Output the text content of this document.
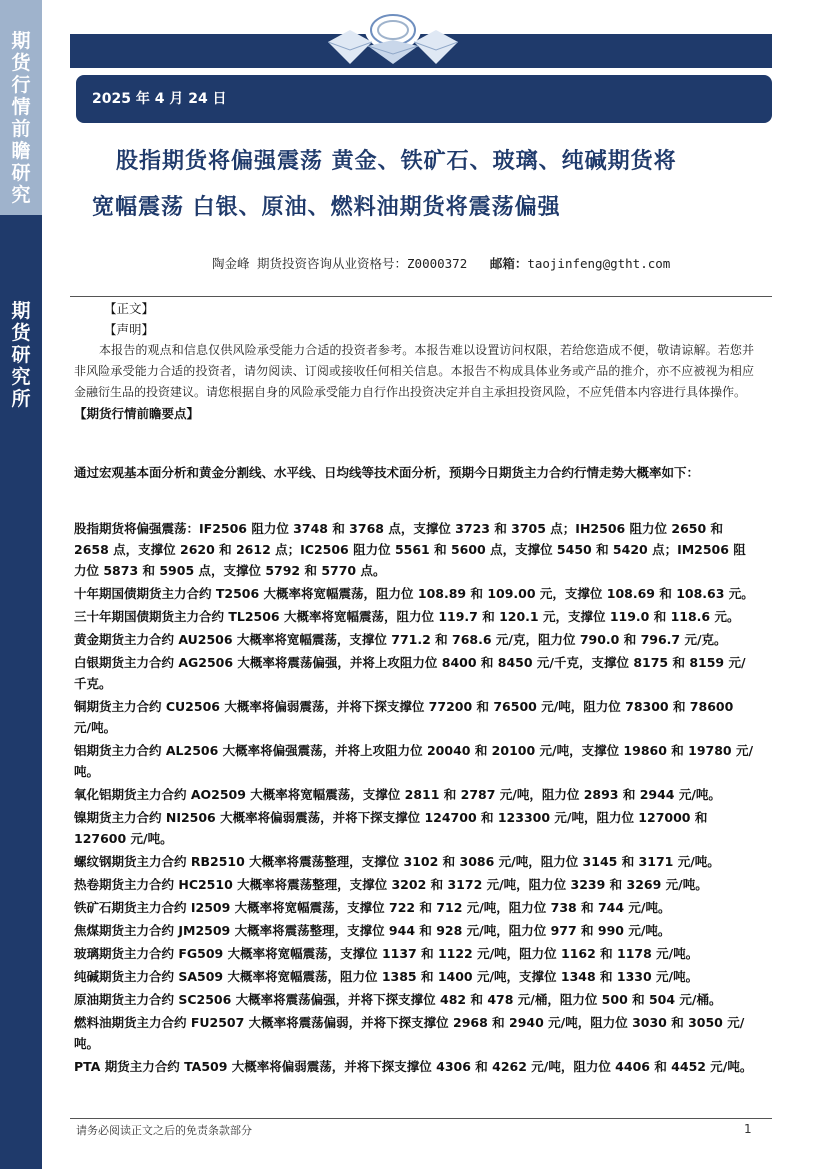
期
货
行
情
前
瞻
研
究
期
货
研
究
所
2025 年 4 月 24 日
股指期货将偏强震荡 黄金、铁矿石、玻璃、纯碱期货将
宽幅震荡 白银、原油、燃料油期货将震荡偏强
陶金峰 期货投资咨询从业资格号：Z0000372 邮箱：taojinfeng@gtht.com
【正文】
【声明】
本报告的观点和信息仅供风险承受能力合适的投资者参考。本报告难以设置访问权限，若给您造成不便，敬请谅解。若您并非风险承受能力合适的投资者，请勿阅读、订阅或接收任何相关信息。本报告不构成具体业务或产品的推介，亦不应被视为相应金融衍生品的投资建议。请您根据自身的风险承受能力自行作出投资决定并自主承担投资风险，不应凭借本内容进行具体操作。
【期货行情前瞻要点】
通过宏观基本面分析和黄金分割线、水平线、日均线等技术面分析，预期今日期货主力合约行情走势大概率如下：

股指期货将偏强震荡：IF2506 阻力位 3748 和 3768 点，支撑位 3723 和 3705 点；IH2506 阻力位 2650 和 2658 点，支撑位 2620 和 2612 点；IC2506 阻力位 5561 和 5600 点，支撑位 5450 和 5420 点；IM2506 阻力位 5873 和 5905 点，支撑位 5792 和 5770 点。

十年期国债期货主力合约 T2506 大概率将宽幅震荡，阻力位 108.89 和 109.00 元，支撑位 108.69 和 108.63 元。

三十年期国债期货主力合约 TL2506 大概率将宽幅震荡，阻力位 119.7 和 120.1 元，支撑位 119.0 和 118.6 元。

黄金期货主力合约 AU2506 大概率将宽幅震荡，支撑位 771.2 和 768.6 元/克，阻力位 790.0 和 796.7 元/克。

白银期货主力合约 AG2506 大概率将震荡偏强，并将上攻阻力位 8400 和 8450 元/千克，支撑位 8175 和 8159 元/千克。

铜期货主力合约 CU2506 大概率将偏弱震荡，并将下探支撑位 77200 和 76500 元/吨，阻力位 78300 和 78600 元/吨。

铝期货主力合约 AL2506 大概率将偏强震荡，并将上攻阻力位 20040 和 20100 元/吨，支撑位 19860 和 19780 元/吨。

氧化铝期货主力合约 AO2509 大概率将宽幅震荡，支撑位 2811 和 2787 元/吨，阻力位 2893 和 2944 元/吨。

镍期货主力合约 NI2506 大概率将偏弱震荡，并将下探支撑位 124700 和 123300 元/吨，阻力位 127000 和 127600 元/吨。

螺纹钢期货主力合约 RB2510 大概率将震荡整理，支撑位 3102 和 3086 元/吨，阻力位 3145 和 3171 元/吨。

热卷期货主力合约 HC2510 大概率将震荡整理，支撑位 3202 和 3172 元/吨，阻力位 3239 和 3269 元/吨。

铁矿石期货主力合约 I2509 大概率将宽幅震荡，支撑位 722 和 712 元/吨，阻力位 738 和 744 元/吨。

焦煤期货主力合约 JM2509 大概率将震荡整理，支撑位 944 和 928 元/吨，阻力位 977 和 990 元/吨。

玻璃期货主力合约 FG509 大概率将宽幅震荡，支撑位 1137 和 1122 元/吨，阻力位 1162 和 1178 元/吨。

纯碱期货主力合约 SA509 大概率将宽幅震荡，阻力位 1385 和 1400 元/吨，支撑位 1348 和 1330 元/吨。

原油期货主力合约 SC2506 大概率将震荡偏强，并将下探支撑位 482 和 478 元/桶，阻力位 500 和 504 元/桶。

燃料油期货主力合约 FU2507 大概率将震荡偏弱，并将下探支撑位 2968 和 2940 元/吨，阻力位 3030 和 3050 元/吨。

PTA 期货主力合约 TA509 大概率将偏弱震荡，并将下探支撑位 4306 和 4262 元/吨，阻力位 4406 和 4452 元/吨。

请务必阅读正文之后的免责条款部分	1
